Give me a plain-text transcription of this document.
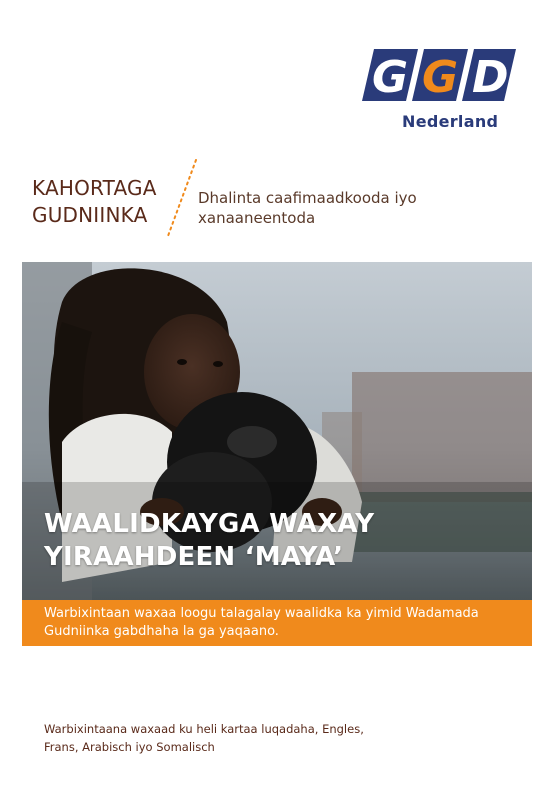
G G D
Nederland
KAHORTAGA
GUDNIINKA
Dhalinta caafimaadkooda iyo
xanaaneentoda
WAALIDKAYGA WAXAY
YIRAAHDEEN ‘MAYA’
Warbixintaan waxaa loogu talagalay waalidka ka yimid Wadamada
Gudniinka gabdhaha la ga yaqaano.
Warbixintaana waxaad ku heli kartaa luqadaha, Engles,
Frans, Arabisch iyo Somalisch
